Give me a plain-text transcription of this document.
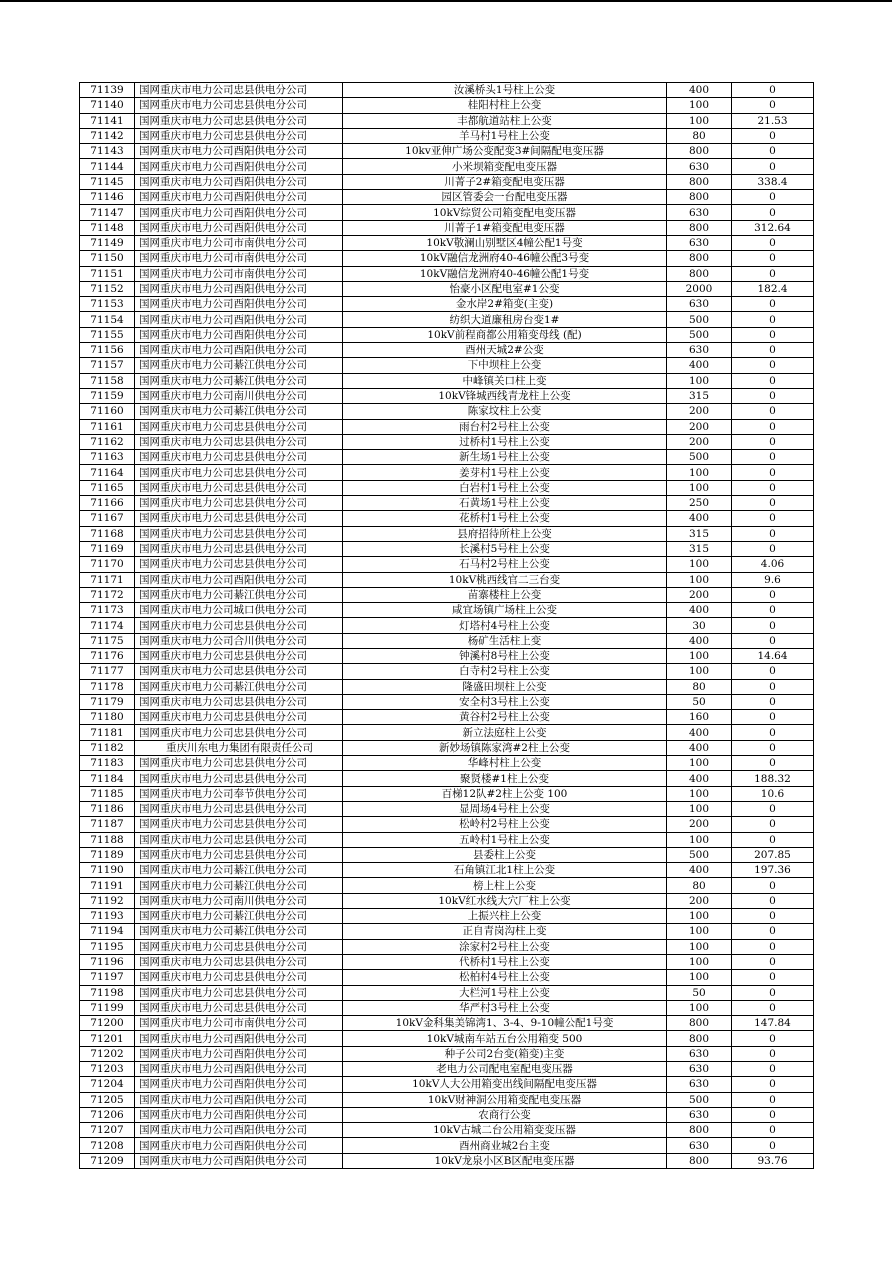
71139	国网重庆市电力公司忠县供电分公司	汝溪桥头1号柱上公变	400	0
71140	国网重庆市电力公司忠县供电分公司	桂阳村柱上公变	100	0
71141	国网重庆市电力公司忠县供电分公司	丰都航道站柱上公变	100	21.53
71142	国网重庆市电力公司忠县供电分公司	羊马村1号柱上公变	80	0
71143	国网重庆市电力公司酉阳供电分公司	10kv亚伸广场公变配变3#间隔配电变压器	800	0
71144	国网重庆市电力公司酉阳供电分公司	小米坝箱变配电变压器	630	0
71145	国网重庆市电力公司酉阳供电分公司	川菁子2#箱变配电变压器	800	338.4
71146	国网重庆市电力公司酉阳供电分公司	园区管委会一台配电变压器	800	0
71147	国网重庆市电力公司酉阳供电分公司	10kV综贸公司箱变配电变压器	630	0
71148	国网重庆市电力公司酉阳供电分公司	川菁子1#箱变配电变压器	800	312.64
71149	国网重庆市电力公司市南供电分公司	10kV敬澜山别墅区4幢公配1号变	630	0
71150	国网重庆市电力公司市南供电分公司	10kV融信龙洲府40-46幢公配3号变	800	0
71151	国网重庆市电力公司市南供电分公司	10kV融信龙洲府40-46幢公配1号变	800	0
71152	国网重庆市电力公司酉阳供电分公司	怡豪小区配电室#1公变	2000	182.4
71153	国网重庆市电力公司酉阳供电分公司	金水岸2#箱变(主变)	630	0
71154	国网重庆市电力公司酉阳供电分公司	纺织大道廉租房台变1#	500	0
71155	国网重庆市电力公司酉阳供电分公司	10kV前程商都公用箱变母线 (配)	500	0
71156	国网重庆市电力公司酉阳供电分公司	酉州天城2#公变	630	0
71157	国网重庆市电力公司綦江供电分公司	下中坝柱上公变	400	0
71158	国网重庆市电力公司綦江供电分公司	中峰镇关口柱上变	100	0
71159	国网重庆市电力公司南川供电分公司	10kV锋城西线青龙柱上公变	315	0
71160	国网重庆市电力公司綦江供电分公司	陈家坟柱上公变	200	0
71161	国网重庆市电力公司忠县供电分公司	雨台村2号柱上公变	200	0
71162	国网重庆市电力公司忠县供电分公司	过桥村1号柱上公变	200	0
71163	国网重庆市电力公司忠县供电分公司	新生场1号柱上公变	500	0
71164	国网重庆市电力公司忠县供电分公司	姜芽村1号柱上公变	100	0
71165	国网重庆市电力公司忠县供电分公司	白岩村1号柱上公变	100	0
71166	国网重庆市电力公司忠县供电分公司	石黄场1号柱上公变	250	0
71167	国网重庆市电力公司忠县供电分公司	花桥村1号柱上公变	400	0
71168	国网重庆市电力公司忠县供电分公司	县府招待所柱上公变	315	0
71169	国网重庆市电力公司忠县供电分公司	长溪村5号柱上公变	315	0
71170	国网重庆市电力公司忠县供电分公司	石马村2号柱上公变	100	4.06
71171	国网重庆市电力公司酉阳供电分公司	10kV桃西线官二三台变	100	9.6
71172	国网重庆市电力公司綦江供电分公司	苗寨楼柱上公变	200	0
71173	国网重庆市电力公司城口供电分公司	咸宜场镇广场柱上公变	400	0
71174	国网重庆市电力公司忠县供电分公司	灯塔村4号柱上公变	30	0
71175	国网重庆市电力公司合川供电分公司	杨矿生活柱上变	400	0
71176	国网重庆市电力公司忠县供电分公司	钟溪村8号柱上公变	100	14.64
71177	国网重庆市电力公司忠县供电分公司	白寺村2号柱上公变	100	0
71178	国网重庆市电力公司綦江供电分公司	隆盛田坝柱上公变	80	0
71179	国网重庆市电力公司忠县供电分公司	安全村3号柱上公变	50	0
71180	国网重庆市电力公司忠县供电分公司	黄谷村2号柱上公变	160	0
71181	国网重庆市电力公司忠县供电分公司	新立法庭柱上公变	400	0
71182	重庆川东电力集团有限责任公司	新妙场镇陈家湾#2柱上公变	400	0
71183	国网重庆市电力公司忠县供电分公司	华峰村柱上公变	100	0
71184	国网重庆市电力公司忠县供电分公司	聚贤楼#1柱上公变	400	188.32
71185	国网重庆市电力公司奉节供电分公司	百梯12队#2柱上公变 100	100	10.6
71186	国网重庆市电力公司忠县供电分公司	显周场4号柱上公变	100	0
71187	国网重庆市电力公司忠县供电分公司	松岭村2号柱上公变	200	0
71188	国网重庆市电力公司忠县供电分公司	五岭村1号柱上公变	100	0
71189	国网重庆市电力公司忠县供电分公司	县委柱上公变	500	207.85
71190	国网重庆市电力公司綦江供电分公司	石角镇江北1柱上公变	400	197.36
71191	国网重庆市电力公司綦江供电分公司	榜上柱上公变	80	0
71192	国网重庆市电力公司南川供电分公司	10kV红水线大穴厂柱上公变	200	0
71193	国网重庆市电力公司綦江供电分公司	上振兴柱上公变	100	0
71194	国网重庆市电力公司綦江供电分公司	正自青岗沟柱上变	100	0
71195	国网重庆市电力公司忠县供电分公司	涂家村2号柱上公变	100	0
71196	国网重庆市电力公司忠县供电分公司	代桥村1号柱上公变	100	0
71197	国网重庆市电力公司忠县供电分公司	松柏村4号柱上公变	100	0
71198	国网重庆市电力公司忠县供电分公司	大栏河1号柱上公变	50	0
71199	国网重庆市电力公司忠县供电分公司	华严村3号柱上公变	100	0
71200	国网重庆市电力公司市南供电分公司	10kV金科集美锦湾1、3-4、9-10幢公配1号变	800	147.84
71201	国网重庆市电力公司酉阳供电分公司	10kV城南车站五台公用箱变 500	800	0
71202	国网重庆市电力公司酉阳供电分公司	种子公司2台变(箱变)主变	630	0
71203	国网重庆市电力公司酉阳供电分公司	老电力公司配电室配电变压器	630	0
71204	国网重庆市电力公司酉阳供电分公司	10kV人大公用箱变出线间隔配电变压器	630	0
71205	国网重庆市电力公司酉阳供电分公司	10kV财神洞公用箱变配电变压器	500	0
71206	国网重庆市电力公司酉阳供电分公司	农商行公变	630	0
71207	国网重庆市电力公司酉阳供电分公司	10kV古城二台公用箱变变压器	800	0
71208	国网重庆市电力公司酉阳供电分公司	酉州商业城2台主变	630	0
71209	国网重庆市电力公司酉阳供电分公司	10kV龙泉小区B区配电变压器	800	93.76
